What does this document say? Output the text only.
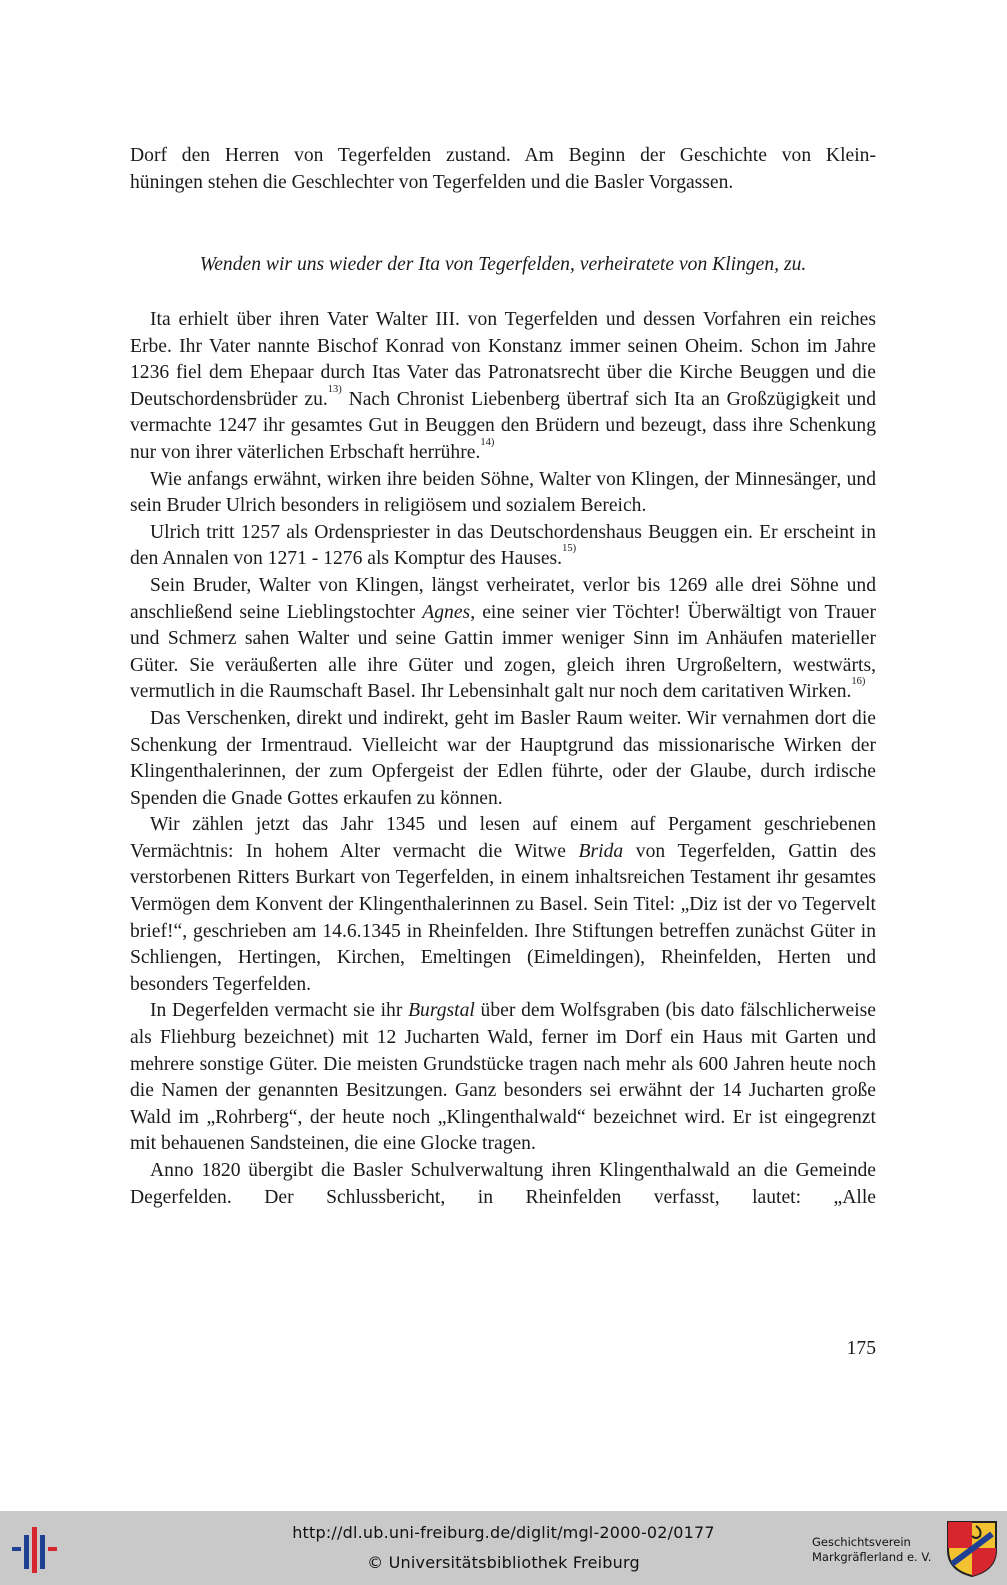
Dorf den Herren von Tegerfelden zustand. Am Beginn der Geschichte von Klein-

hüningen stehen die Geschlechter von Tegerfelden und die Basler Vorgassen.

Wenden wir uns wieder der Ita von Tegerfelden, verheiratete von Klingen, zu.

Ita erhielt über ihren Vater Walter III. von Tegerfelden und dessen Vorfahren ein reiches Erbe. Ihr Vater nannte Bischof Konrad von Konstanz immer seinen Oheim. Schon im Jahre 1236 fiel dem Ehepaar durch Itas Vater das Patronatsrecht über die Kirche Beuggen und die Deutschordensbrüder zu.$^{13)}$ Nach Chronist Liebenberg übertraf sich Ita an Großzügigkeit und vermachte 1247 ihr gesamtes Gut in Beuggen den Brüdern und bezeugt, dass ihre Schenkung nur von ihrer väterlichen Erbschaft herrühre.$^{14)}$

Wie anfangs erwähnt, wirken ihre beiden Söhne, Walter von Klingen, der Minnesänger, und sein Bruder Ulrich besonders in religiösem und sozialem Bereich.

Ulrich tritt 1257 als Ordenspriester in das Deutschordenshaus Beuggen ein. Er erscheint in den Annalen von 1271 - 1276 als Komptur des Hauses.$^{15)}$

Sein Bruder, Walter von Klingen, längst verheiratet, verlor bis 1269 alle drei Söhne und anschließend seine Lieblingstochter Agnes, eine seiner vier Töchter! Überwältigt von Trauer und Schmerz sahen Walter und seine Gattin immer weniger Sinn im Anhäufen materieller Güter. Sie veräußerten alle ihre Güter und zogen, gleich ihren Urgroßeltern, westwärts, vermutlich in die Raumschaft Basel. Ihr Lebensinhalt galt nur noch dem caritativen Wirken.$^{16)}$

Das Verschenken, direkt und indirekt, geht im Basler Raum weiter. Wir vernahmen dort die Schenkung der Irmentraud. Vielleicht war der Hauptgrund das missionarische Wirken der Klingenthalerinnen, der zum Opfergeist der Edlen führte, oder der Glaube, durch irdische Spenden die Gnade Gottes erkaufen zu können.

Wir zählen jetzt das Jahr 1345 und lesen auf einem auf Pergament geschriebenen Vermächtnis: In hohem Alter vermacht die Witwe Brida von Tegerfelden, Gattin des verstorbenen Ritters Burkart von Tegerfelden, in einem inhaltsreichen Testament ihr gesamtes Vermögen dem Konvent der Klingenthalerinnen zu Basel. Sein Titel: „Diz ist der vo Tegervelt brief!“, geschrieben am 14.6.1345 in Rheinfelden. Ihre Stiftungen betreffen zunächst Güter in Schliengen, Hertingen, Kirchen, Emeltingen (Eimeldingen), Rheinfelden, Herten und besonders Tegerfelden.

In Degerfelden vermacht sie ihr Burgstal über dem Wolfsgraben (bis dato fälschlicherweise als Fliehburg bezeichnet) mit 12 Jucharten Wald, ferner im Dorf ein Haus mit Garten und mehrere sonstige Güter. Die meisten Grundstücke tragen nach mehr als 600 Jahren heute noch die Namen der genannten Besitzungen. Ganz besonders sei erwähnt der 14 Jucharten große Wald im „Rohrberg“, der heute noch „Klingenthalwald“ bezeichnet wird. Er ist eingegrenzt mit behauenen Sandsteinen, die eine Glocke tragen.

Anno 1820 übergibt die Basler Schulverwaltung ihren Klingenthalwald an die Gemeinde Degerfelden. Der Schlussbericht, in Rheinfelden verfasst, lautet: „Alle

175
http://dl.ub.uni-freiburg.de/diglit/mgl-2000-02/0177
© Universitätsbibliothek Freiburg
Geschichtsverein
Markgräflerland e. V.
